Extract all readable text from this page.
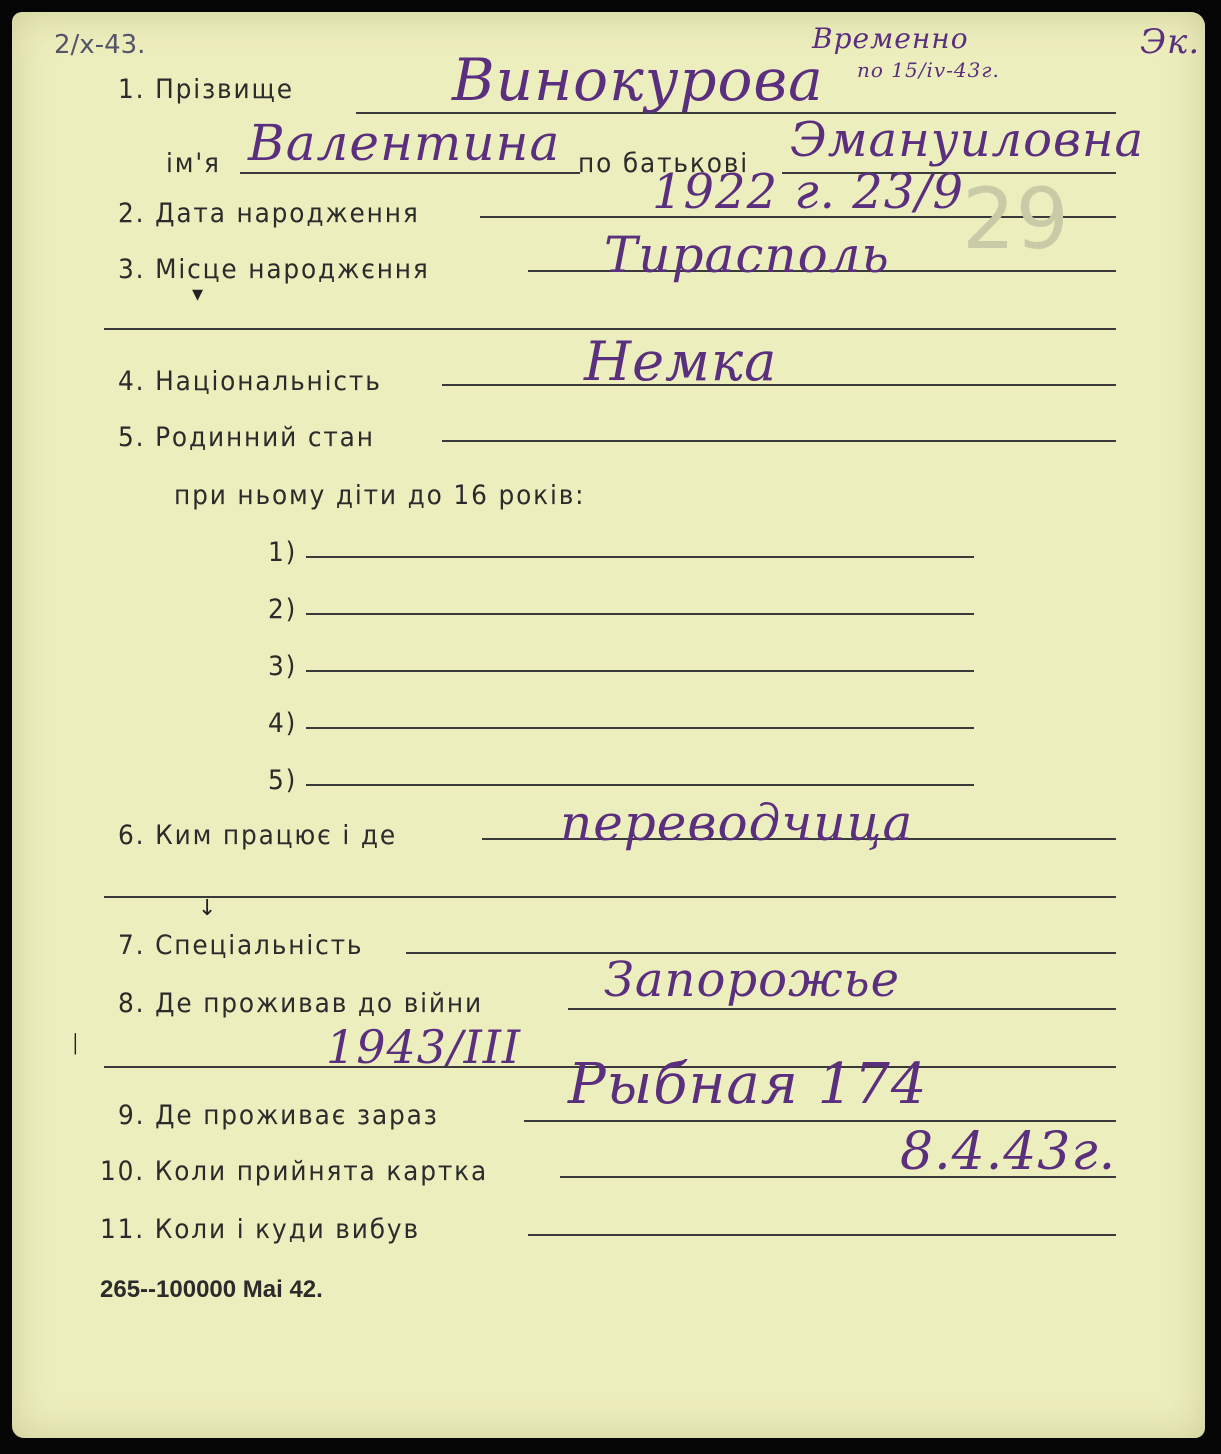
2/х-43.	Временно
по 15/іv-43г.
Эк.
1. Прізвище	Винокурова
ім'я Валентина по батькові Эмануиловна
2. Дата народження	1922 г. 23/9
29
3. Місце народжєння	Тирасполь
▾
4. Національність	Немка
5. Родинний стан
при ньому діти до 16 років:
1)
2)
3)
4)
5)
6. Ким працює і де	переводчица
↓
7. Спеціальність
8. Де проживав до війни	Запорожье
1943/III
9. Де проживає зараз Рыбная 174
10. Коли прийнята картка	8.4.43г.
11. Коли і куди вибув
265--100000 Mai 42.
│
